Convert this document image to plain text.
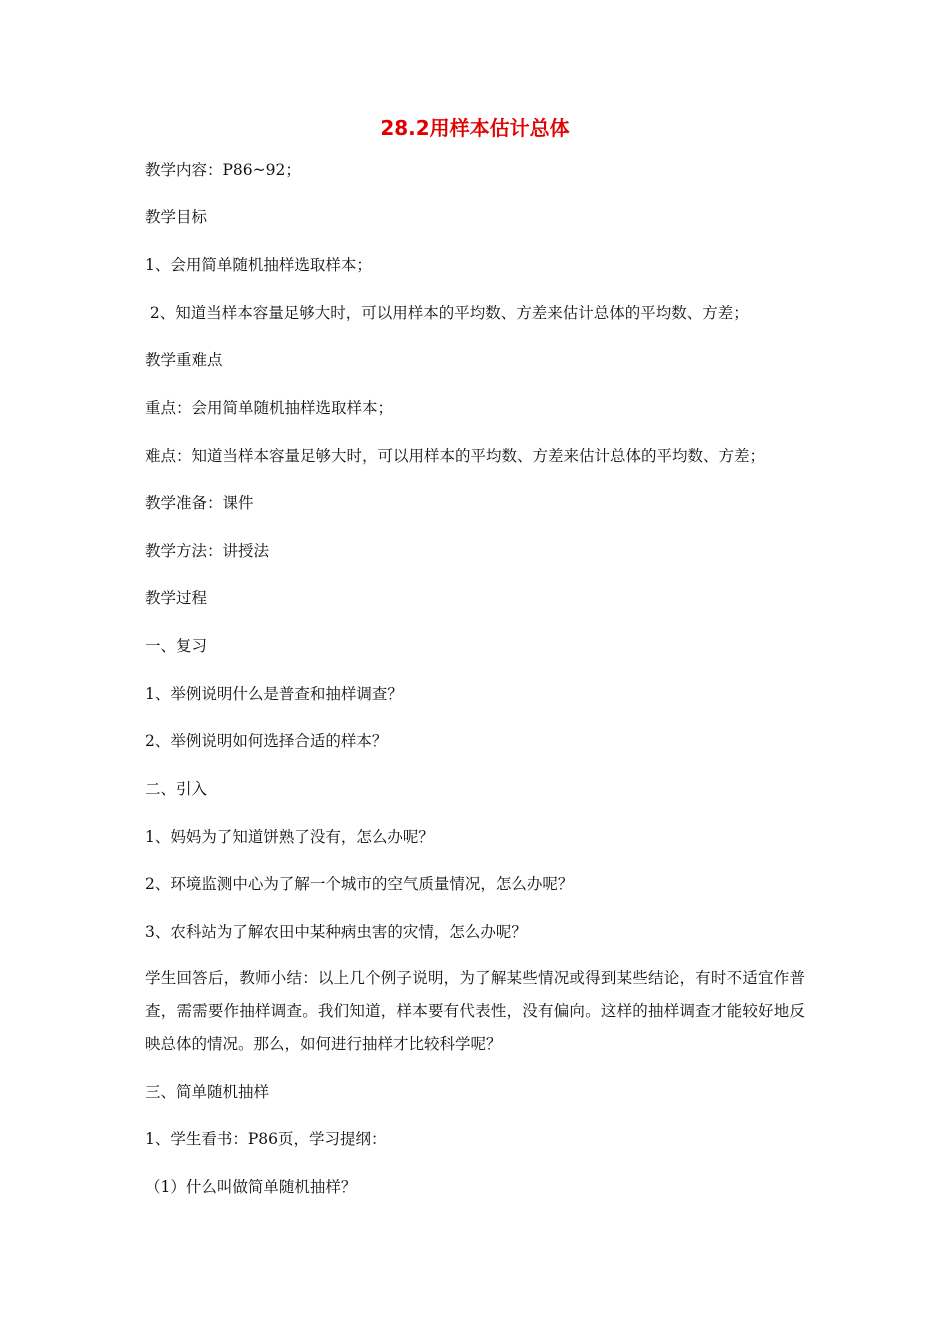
28.2用样本估计总体
教学内容：P86~92；
教学目标
1、会用简单随机抽样选取样本；
2、知道当样本容量足够大时，可以用样本的平均数、方差来估计总体的平均数、方差；
教学重难点
重点：会用简单随机抽样选取样本；
难点：知道当样本容量足够大时，可以用样本的平均数、方差来估计总体的平均数、方差；
教学准备：课件
教学方法：讲授法
教学过程
一、复习
1、举例说明什么是普查和抽样调查？
2、举例说明如何选择合适的样本？
二、引入
1、妈妈为了知道饼熟了没有，怎么办呢？
2、环境监测中心为了解一个城市的空气质量情况，怎么办呢？
3、农科站为了解农田中某种病虫害的灾情，怎么办呢？
学生回答后，教师小结：以上几个例子说明，为了解某些情况或得到某些结论，有时不适宜作普查，需需要作抽样调查。我们知道，样本要有代表性，没有偏向。这样的抽样调查才能较好地反映总体的情况。那么，如何进行抽样才比较科学呢？
三、简单随机抽样
1、学生看书：P86页，学习提纲：
（1）什么叫做简单随机抽样？
